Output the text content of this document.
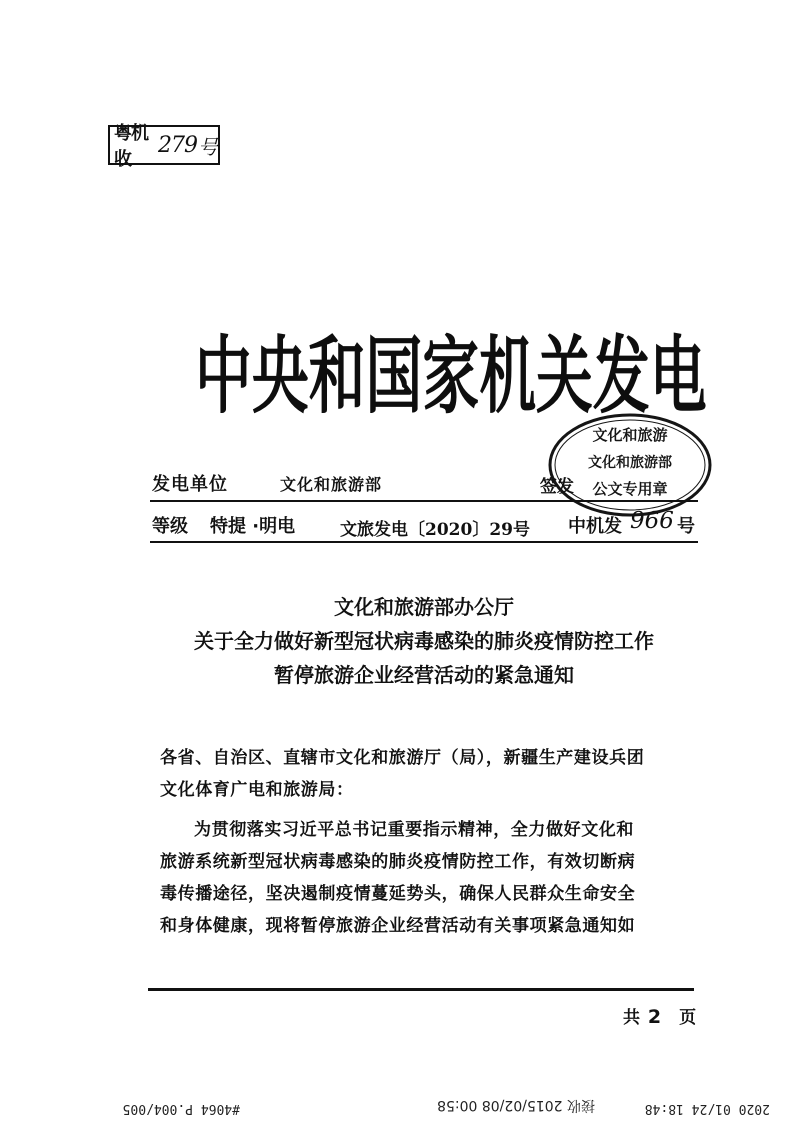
粤机收
279 号
中央和国家机关发电
文化和旅游
文化和旅游部
公文专用章
发电单位	文化和旅游部	签发
等级 特提 ·明电	文旅发电〔2020〕29号 中机发 966 号
文化和旅游部办公厅
关于全力做好新型冠状病毒感染的肺炎疫情防控工作
暂停旅游企业经营活动的紧急通知
各省、自治区、直辖市文化和旅游厅（局），新疆生产建设兵团
文化体育广电和旅游局：
为贯彻落实习近平总书记重要指示精神，全力做好文化和
旅游系统新型冠状病毒感染的肺炎疫情防控工作，有效切断病
毒传播途径，坚决遏制疫情蔓延势头，确保人民群众生命安全
和身体健康，现将暂停旅游企业经营活动有关事项紧急通知如
共 2 页
2020 01/24 18:48
接收 2015/02/08 00:58
#4064 P.004/005
